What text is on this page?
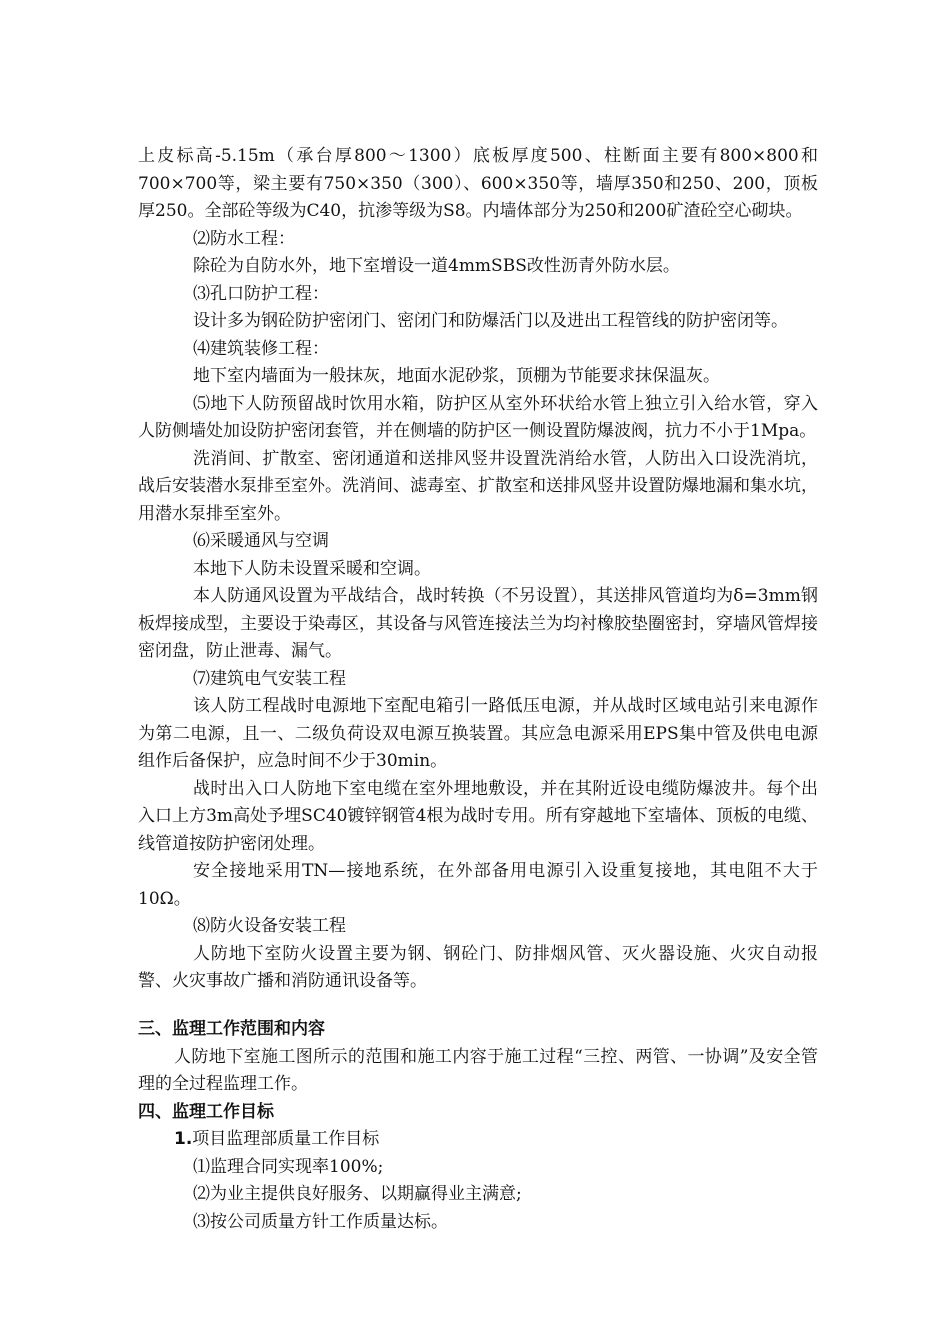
上皮标高-5.15m（承台厚800～1300）底板厚度500、柱断面主要有800×800和700×700等，梁主要有750×350（300）、600×350等，墙厚350和250、200，顶板厚250。全部砼等级为C40，抗渗等级为S8。内墙体部分为250和200矿渣砼空心砌块。

⑵防水工程：

除砼为自防水外，地下室增设一道4mmSBS改性沥青外防水层。

⑶孔口防护工程：

设计多为钢砼防护密闭门、密闭门和防爆活门以及进出工程管线的防护密闭等。

⑷建筑装修工程：

地下室内墙面为一般抹灰，地面水泥砂浆，顶棚为节能要求抹保温灰。

⑸地下人防预留战时饮用水箱，防护区从室外环状给水管上独立引入给水管，穿入人防侧墙处加设防护密闭套管，并在侧墙的防护区一侧设置防爆波阀，抗力不小于1Mpa。

洗消间、扩散室、密闭通道和送排风竖井设置洗消给水管，人防出入口设洗消坑，战后安装潜水泵排至室外。洗消间、滤毒室、扩散室和送排风竖井设置防爆地漏和集水坑，用潜水泵排至室外。

⑹采暖通风与空调

本地下人防未设置采暖和空调。

本人防通风设置为平战结合，战时转换（不另设置），其送排风管道均为δ=3mm钢板焊接成型，主要设于染毒区，其设备与风管连接法兰为均衬橡胶垫圈密封，穿墙风管焊接密闭盘，防止泄毒、漏气。

⑺建筑电气安装工程

该人防工程战时电源地下室配电箱引一路低压电源，并从战时区域电站引来电源作为第二电源，且一、二级负荷设双电源互换装置。其应急电源采用EPS集中管及供电电源组作后备保护，应急时间不少于30min。

战时出入口人防地下室电缆在室外埋地敷设，并在其附近设电缆防爆波井。每个出入口上方3m高处予埋SC40镀锌钢管4根为战时专用。所有穿越地下室墙体、顶板的电缆、线管道按防护密闭处理。

安全接地采用TN—接地系统，在外部备用电源引入设重复接地，其电阻不大于10Ω。

⑻防火设备安装工程

人防地下室防火设置主要为钢、钢砼门、防排烟风管、灭火器设施、火灾自动报警、火灾事故广播和消防通讯设备等。

三、监理工作范围和内容

人防地下室施工图所示的范围和施工内容于施工过程“三控、两管、一协调”及安全管理的全过程监理工作。

四、监理工作目标

1.项目监理部质量工作目标

⑴监理合同实现率100%;

⑵为业主提供良好服务、以期赢得业主满意;

⑶按公司质量方针工作质量达标。
